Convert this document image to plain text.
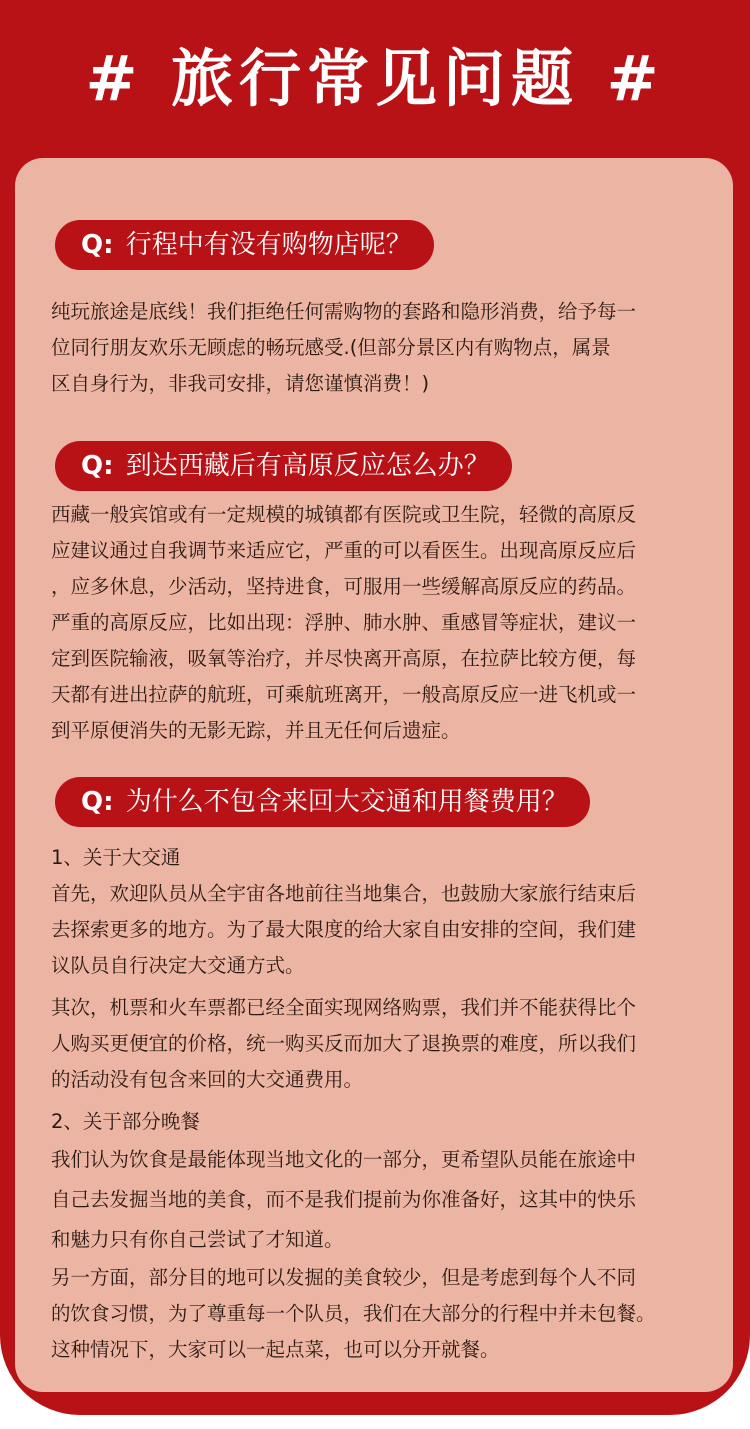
# 旅行常见问题 #
Q: 行程中有没有购物店呢？
纯玩旅途是底线！我们拒绝任何需购物的套路和隐形消费，给予每一
位同行朋友欢乐无顾虑的畅玩感受.(但部分景区内有购物点，属景
区自身行为，非我司安排，请您谨慎消费！)
Q: 到达西藏后有高原反应怎么办？
西藏一般宾馆或有一定规模的城镇都有医院或卫生院，轻微的高原反
应建议通过自我调节来适应它，严重的可以看医生。出现高原反应后
，应多休息，少活动，坚持进食，可服用一些缓解高原反应的药品。
严重的高原反应，比如出现：浮肿、肺水肿、重感冒等症状，建议一
定到医院输液，吸氧等治疗，并尽快离开高原，在拉萨比较方便，每
天都有进出拉萨的航班，可乘航班离开，一般高原反应一进飞机或一
到平原便消失的无影无踪，并且无任何后遗症。
Q: 为什么不包含来回大交通和用餐费用？
1、关于大交通
首先，欢迎队员从全宇宙各地前往当地集合，也鼓励大家旅行结束后
去探索更多的地方。为了最大限度的给大家自由安排的空间，我们建
议队员自行决定大交通方式。
其次，机票和火车票都已经全面实现网络购票，我们并不能获得比个
人购买更便宜的价格，统一购买反而加大了退换票的难度，所以我们
的活动没有包含来回的大交通费用。
2、关于部分晚餐
我们认为饮食是最能体现当地文化的一部分，更希望队员能在旅途中
自己去发掘当地的美食，而不是我们提前为你准备好，这其中的快乐
和魅力只有你自己尝试了才知道。
另一方面，部分目的地可以发掘的美食较少，但是考虑到每个人不同
的饮食习惯，为了尊重每一个队员，我们在大部分的行程中并未包餐。
这种情况下，大家可以一起点菜，也可以分开就餐。
